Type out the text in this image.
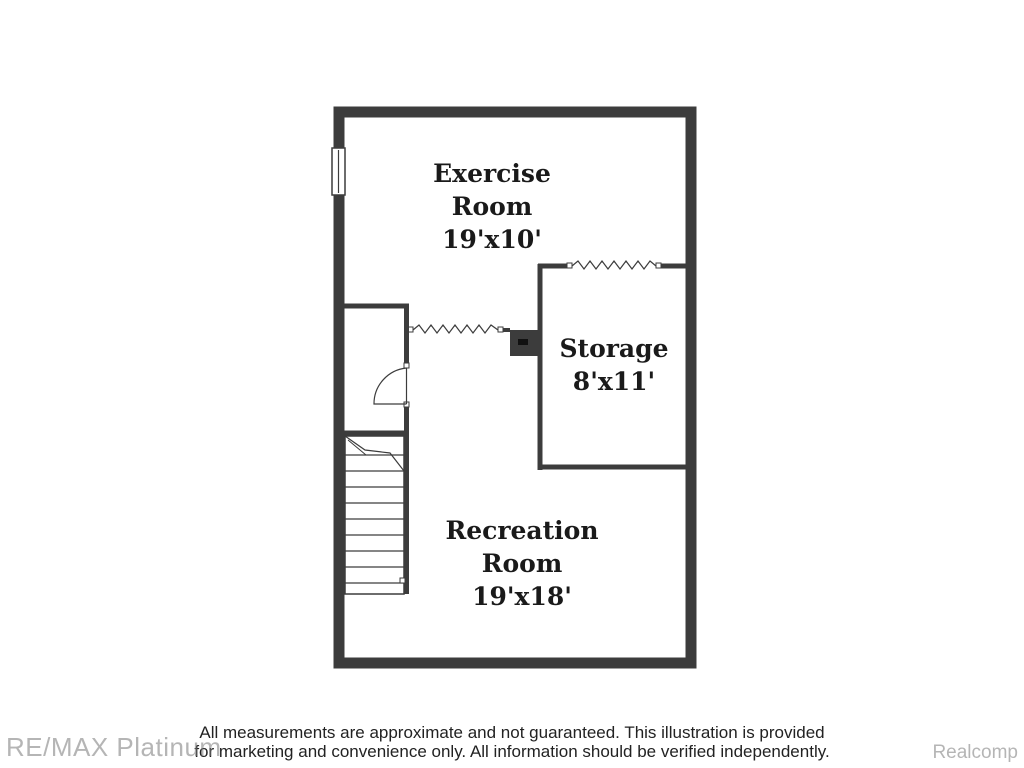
Exercise
Room
19'x10'
Storage
8'x11'
Recreation
Room
19'x18'
All measurements are approximate and not guaranteed. This illustration is provided
for marketing and convenience only. All information should be verified independently.
RE/MAX Platinum	Realcomp
